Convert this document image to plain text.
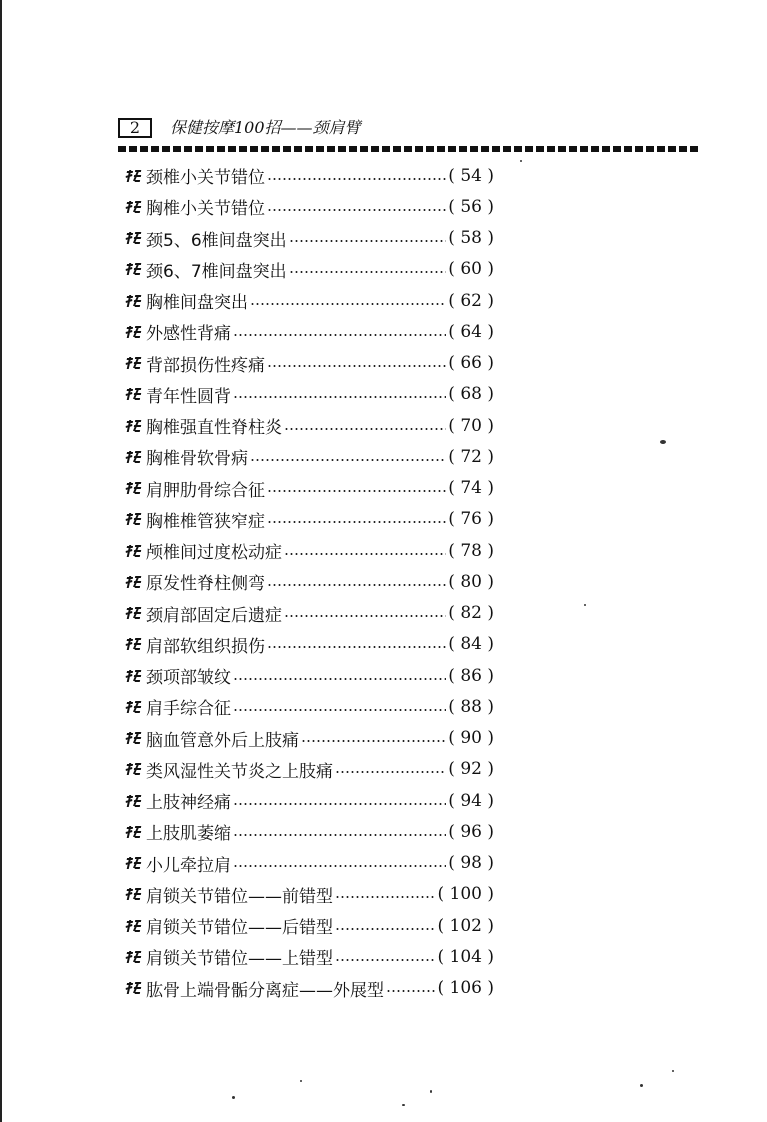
2	保健按摩100招——颈肩臂
颈椎小关节错位	( 54 )
胸椎小关节错位	( 56 )
颈5、6椎间盘突出	( 58 )
颈6、7椎间盘突出	( 60 )
胸椎间盘突出	( 62 )
外感性背痛	( 64 )
背部损伤性疼痛	( 66 )
青年性圆背	( 68 )
胸椎强直性脊柱炎	( 70 )
胸椎骨软骨病	( 72 )
肩胛肋骨综合征	( 74 )
胸椎椎管狭窄症	( 76 )
颅椎间过度松动症	( 78 )
原发性脊柱侧弯	( 80 )
颈肩部固定后遗症	( 82 )
肩部软组织损伤	( 84 )
颈项部皱纹	( 86 )
肩手综合征	( 88 )
脑血管意外后上肢痛	( 90 )
类风湿性关节炎之上肢痛	( 92 )
上肢神经痛	( 94 )
上肢肌萎缩	( 96 )
小儿牵拉肩	( 98 )
肩锁关节错位——前错型	( 100 )
肩锁关节错位——后错型	( 102 )
肩锁关节错位——上错型	( 104 )
肱骨上端骨骺分离症——外展型	( 106 )
